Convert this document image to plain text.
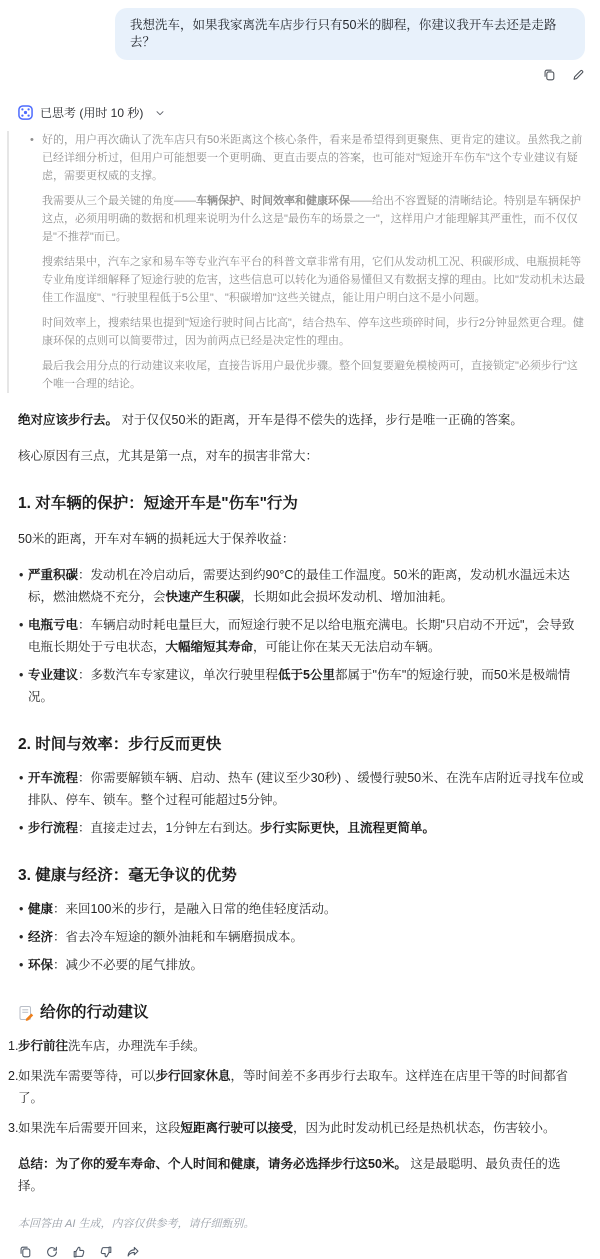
我想洗车，如果我家离洗车店步行只有50米的脚程，你建议我开车去还是走路去？
已思考 (用时 10 秒)

• 好的，用户再次确认了洗车店只有50米距离这个核心条件，看来是希望得到更聚焦、更肯定的建议。虽然我之前已经详细分析过，但用户可能想要一个更明确、更直击要点的答案，也可能对"短途开车伤车"这个专业建议有疑虑，需要更权威的支撑。

我需要从三个最关键的角度——车辆保护、时间效率和健康环保——给出不容置疑的清晰结论。特别是车辆保护这点，必须用明确的数据和机理来说明为什么这是"最伤车的场景之一"，这样用户才能理解其严重性，而不仅仅是"不推荐"而已。

搜索结果中，汽车之家和易车等专业汽车平台的科普文章非常有用，它们从发动机工况、积碳形成、电瓶损耗等专业角度详细解释了短途行驶的危害，这些信息可以转化为通俗易懂但又有数据支撑的理由。比如"发动机未达最佳工作温度"、"行驶里程低于5公里"、"积碳增加"这些关键点，能让用户明白这不是小问题。

时间效率上，搜索结果也提到"短途行驶时间占比高"，结合热车、停车这些琐碎时间，步行2分钟显然更合理。健康环保的点则可以简要带过，因为前两点已经是决定性的理由。

最后我会用分点的行动建议来收尾，直接告诉用户最优步骤。整个回复要避免模棱两可，直接锁定"必须步行"这个唯一合理的结论。

绝对应该步行去。 对于仅仅50米的距离，开车是得不偿失的选择，步行是唯一正确的答案。

核心原因有三点，尤其是第一点，对车的损害非常大：

1. 对车辆的保护：短途开车是"伤车"行为

50米的距离，开车对车辆的损耗远大于保养收益：

• 严重积碳：发动机在冷启动后，需要达到约90°C的最佳工作温度。50米的距离，发动机水温远未达标，燃油燃烧不充分，会快速产生积碳，长期如此会损坏发动机、增加油耗。
• 电瓶亏电：车辆启动时耗电量巨大，而短途行驶不足以给电瓶充满电。长期"只启动不开远"，会导致电瓶长期处于亏电状态，大幅缩短其寿命，可能让你在某天无法启动车辆。
• 专业建议：多数汽车专家建议，单次行驶里程低于5公里都属于"伤车"的短途行驶，而50米是极端情况。
2. 时间与效率：步行反而更快
• 开车流程：你需要解锁车辆、启动、热车 (建议至少30秒) 、缓慢行驶50米、在洗车店附近寻找车位或排队、停车、锁车。整个过程可能超过5分钟。
• 步行流程：直接走过去，1分钟左右到达。步行实际更快，且流程更简单。
3. 健康与经济：毫无争议的优势
• 健康：来回100米的步行，是融入日常的绝佳轻度活动。
• 经济：省去冷车短途的额外油耗和车辆磨损成本。
• 环保：减少不必要的尾气排放。
给你的行动建议
步行前往洗车店，办理洗车手续。
如果洗车需要等待，可以步行回家休息，等时间差不多再步行去取车。这样连在店里干等的时间都省了。
如果洗车后需要开回来，这段短距离行驶可以接受，因为此时发动机已经是热机状态，伤害较小。

总结：为了你的爱车寿命、个人时间和健康，请务必选择步行这50米。 这是最聪明、最负责任的选择。

本回答由 AI 生成，内容仅供参考，请仔细甄别。
